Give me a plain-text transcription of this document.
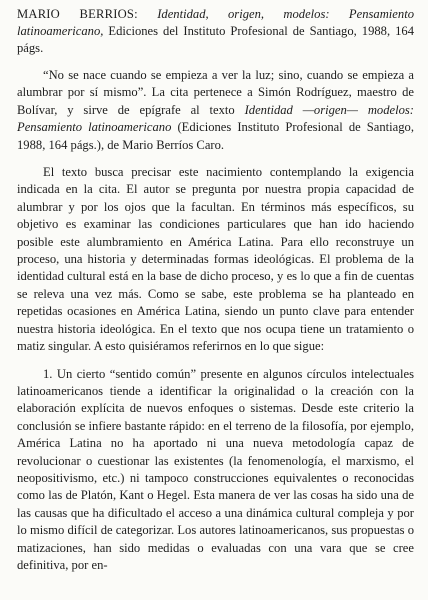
MARIO BERRIOS: Identidad, origen, modelos: Pensamiento latinoamericano, Ediciones del Instituto Profesional de Santiago, 1988, 164 págs.

“No se nace cuando se empieza a ver la luz; sino, cuando se empieza a alumbrar por sí mismo”. La cita pertenece a Simón Rodríguez, maestro de Bolívar, y sirve de epígrafe al texto Identidad —origen— modelos: Pensamiento latinoamericano (Ediciones Instituto Profesional de Santiago, 1988, 164 págs.), de Mario Berríos Caro.

El texto busca precisar este nacimiento contemplando la exigencia indicada en la cita. El autor se pregunta por nuestra propia capacidad de alumbrar y por los ojos que la facultan. En términos más específicos, su objetivo es examinar las condiciones particulares que han ido haciendo posible este alumbramiento en América Latina. Para ello reconstruye un proceso, una historia y determinadas formas ideológicas. El problema de la identidad cultural está en la base de dicho proceso, y es lo que a fin de cuentas se releva una vez más. Como se sabe, este problema se ha planteado en repetidas ocasiones en América Latina, siendo un punto clave para entender nuestra historia ideológica. En el texto que nos ocupa tiene un tratamiento o matiz singular. A esto quisiéramos referirnos en lo que sigue:

1. Un cierto “sentido común” presente en algunos círculos intelectuales latinoamericanos tiende a identificar la originalidad o la creación con la elaboración explícita de nuevos enfoques o sistemas. Desde este criterio la conclusión se infiere bastante rápido: en el terreno de la filosofía, por ejemplo, América Latina no ha aportado ni una nueva metodología capaz de revolucionar o cuestionar las existentes (la fenomenología, el marxismo, el neopositivismo, etc.) ni tampoco construcciones equivalentes o reconocidas como las de Platón, Kant o Hegel. Esta manera de ver las cosas ha sido una de las causas que ha dificultado el acceso a una dinámica cultural compleja y por lo mismo difícil de categorizar. Los autores latinoamericanos, sus propuestas o matizaciones, han sido medidas o evaluadas con una vara que se cree definitiva, por en-
